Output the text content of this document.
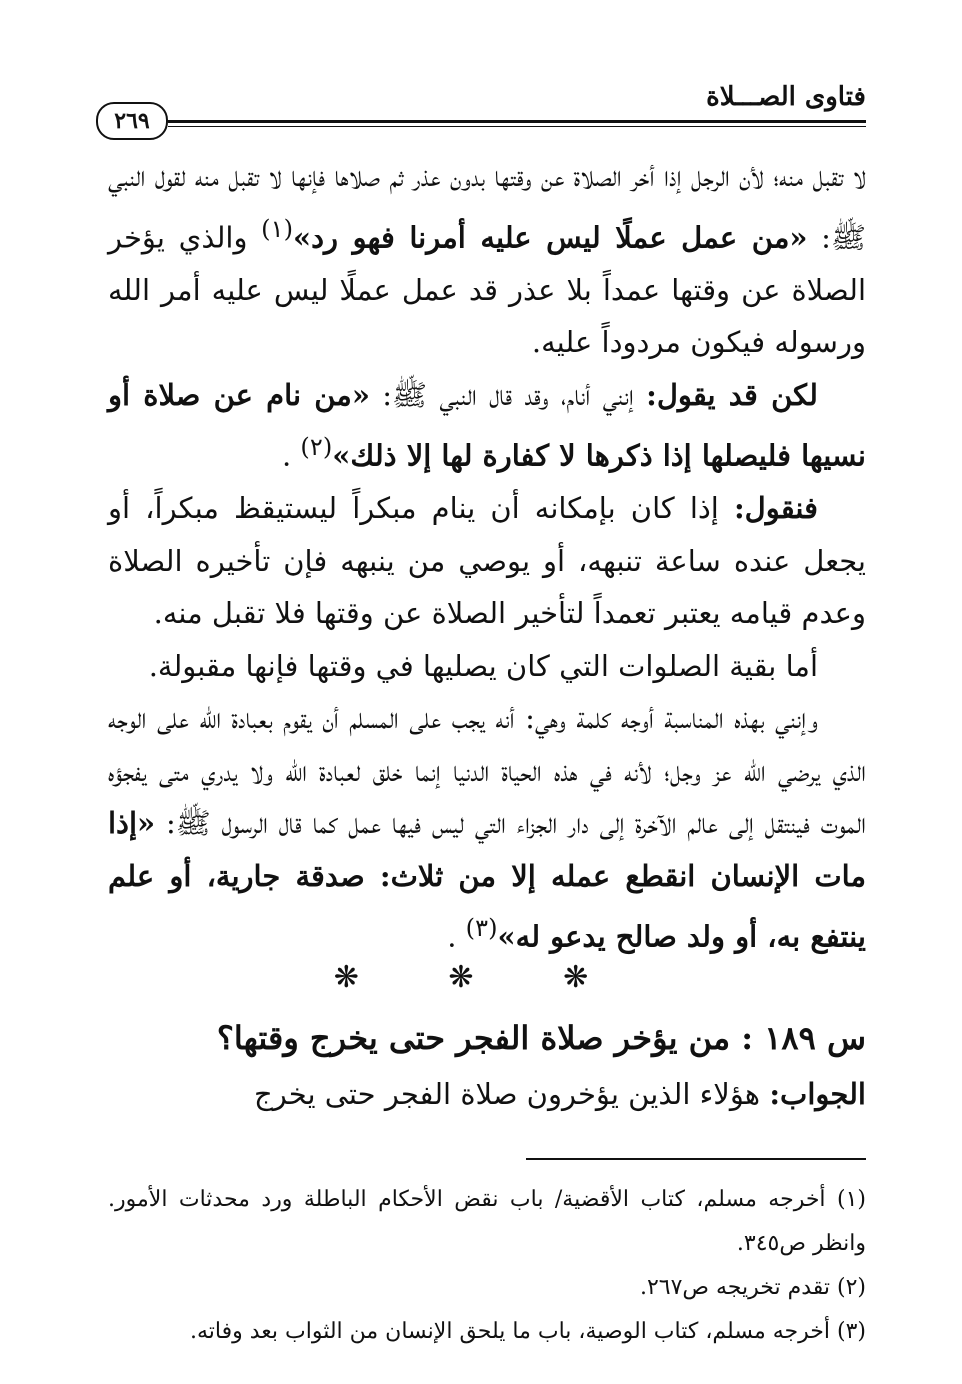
فتاوى الصـــلاة
٢٦٩

لا تقبل منه؛ لأن الرجل إذا أخر الصلاة عن وقتها بدون عذر ثم صلاها فإنها لا تقبل منه لقول النبي ﷺ: «من عمل عملًا ليس عليه أمرنا فهو رد»$^{(١)}$ والذي يؤخر الصلاة عن وقتها عمداً بلا عذر قد عمل عملًا ليس عليه أمر الله ورسوله فيكون مردوداً عليه.

لكن قد يقول: إنني أنام، وقد قال النبي ﷺ: «من نام عن صلاة أو نسيها فليصلها إذا ذكرها لا كفارة لها إلا ذلك»$^{(٢)}$ .

فنقول: إذا كان بإمكانه أن ينام مبكراً ليستيقظ مبكراً، أو يجعل عنده ساعة تنبهه، أو يوصي من ينبهه فإن تأخيره الصلاة وعدم قيامه يعتبر تعمداً لتأخير الصلاة عن وقتها فلا تقبل منه.

أما بقية الصلوات التي كان يصليها في وقتها فإنها مقبولة.

وإنني بهذه المناسبة أوجه كلمة وهي: أنه يجب على المسلم أن يقوم بعبادة الله على الوجه الذي يرضي الله عز وجل؛ لأنه في هذه الحياة الدنيا إنما خلق لعبادة الله ولا يدري متى يفجؤه الموت فينتقل إلى عالم الآخرة إلى دار الجزاء التي ليس فيها عمل كما قال الرسول ﷺ: «إذا مات الإنسان انقطع عمله إلا من ثلاث: صدقة جارية، أو علم ينتفع به، أو ولد صالح يدعو له»$^{(٣)}$ .

❋ ❋ ❋
س ١٨٩ : من يؤخر صلاة الفجر حتى يخرج وقتها؟
الجواب: هؤلاء الذين يؤخرون صلاة الفجر حتى يخرج

(١) أخرجه مسلم، كتاب الأقضية/ باب نقض الأحكام الباطلة ورد محدثات الأمور. وانظر ص٣٤٥.

(٢) تقدم تخريجه ص٢٦٧.

(٣) أخرجه مسلم، كتاب الوصية، باب ما يلحق الإنسان من الثواب بعد وفاته.
